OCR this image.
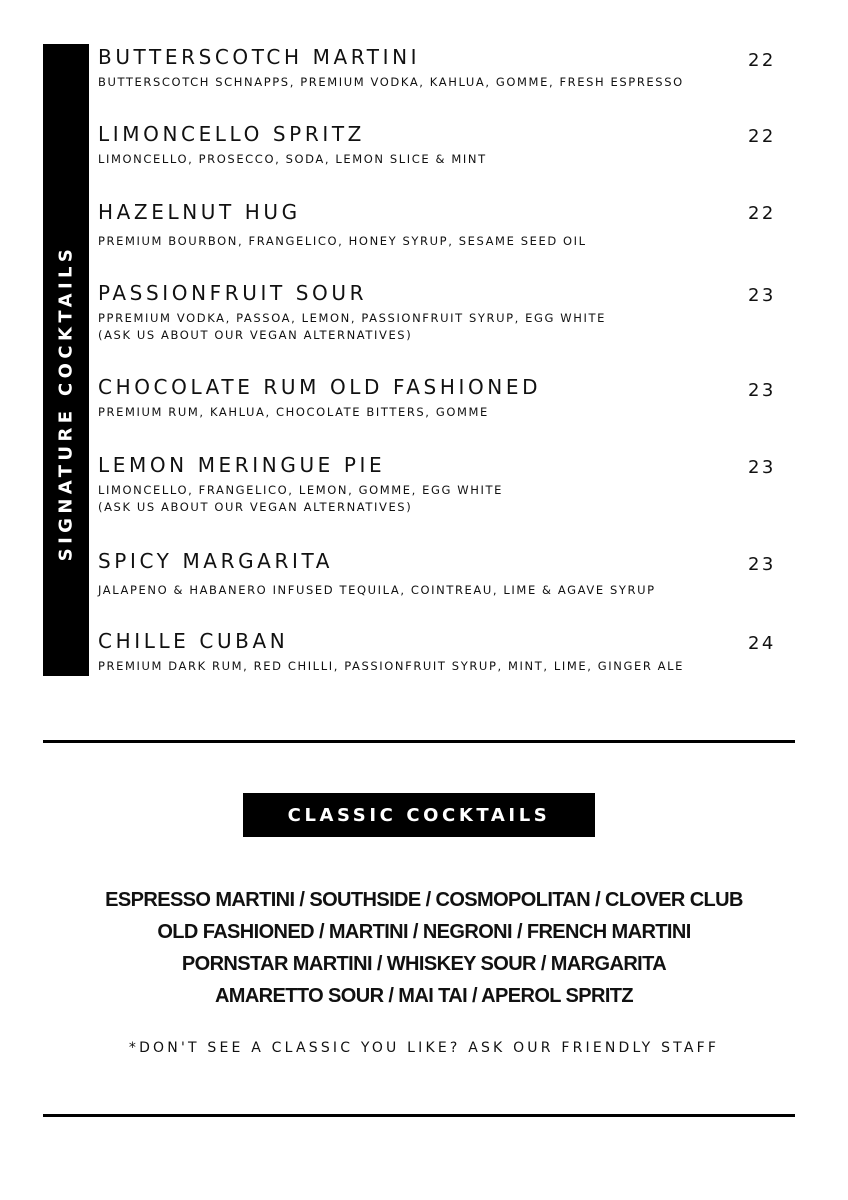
SIGNATURE COCKTAILS
BUTTERSCOTCH MARTINI
BUTTERSCOTCH SCHNAPPS, PREMIUM VODKA, KAHLUA, GOMME, FRESH ESPRESSO
22
LIMONCELLO SPRITZ
LIMONCELLO, PROSECCO, SODA, LEMON SLICE & MINT
22
HAZELNUT HUG
PREMIUM BOURBON, FRANGELICO, HONEY SYRUP, SESAME SEED OIL
22
PASSIONFRUIT SOUR
PPREMIUM VODKA, PASSOA, LEMON, PASSIONFRUIT SYRUP, EGG WHITE
(ASK US ABOUT OUR VEGAN ALTERNATIVES)
23
CHOCOLATE RUM OLD FASHIONED
PREMIUM RUM, KAHLUA, CHOCOLATE BITTERS, GOMME
23
LEMON MERINGUE PIE
LIMONCELLO, FRANGELICO, LEMON, GOMME, EGG WHITE
(ASK US ABOUT OUR VEGAN ALTERNATIVES)
23
SPICY MARGARITA
JALAPENO & HABANERO INFUSED TEQUILA, COINTREAU, LIME & AGAVE SYRUP
23
CHILLE CUBAN
PREMIUM DARK RUM, RED CHILLI, PASSIONFRUIT SYRUP, MINT, LIME, GINGER ALE
24
CLASSIC COCKTAILS
ESPRESSO MARTINI / SOUTHSIDE / COSMOPOLITAN / CLOVER CLUB
OLD FASHIONED / MARTINI / NEGRONI / FRENCH MARTINI
PORNSTAR MARTINI / WHISKEY SOUR / MARGARITA
AMARETTO SOUR / MAI TAI / APEROL SPRITZ
*DON'T SEE A CLASSIC YOU LIKE? ASK OUR FRIENDLY STAFF
